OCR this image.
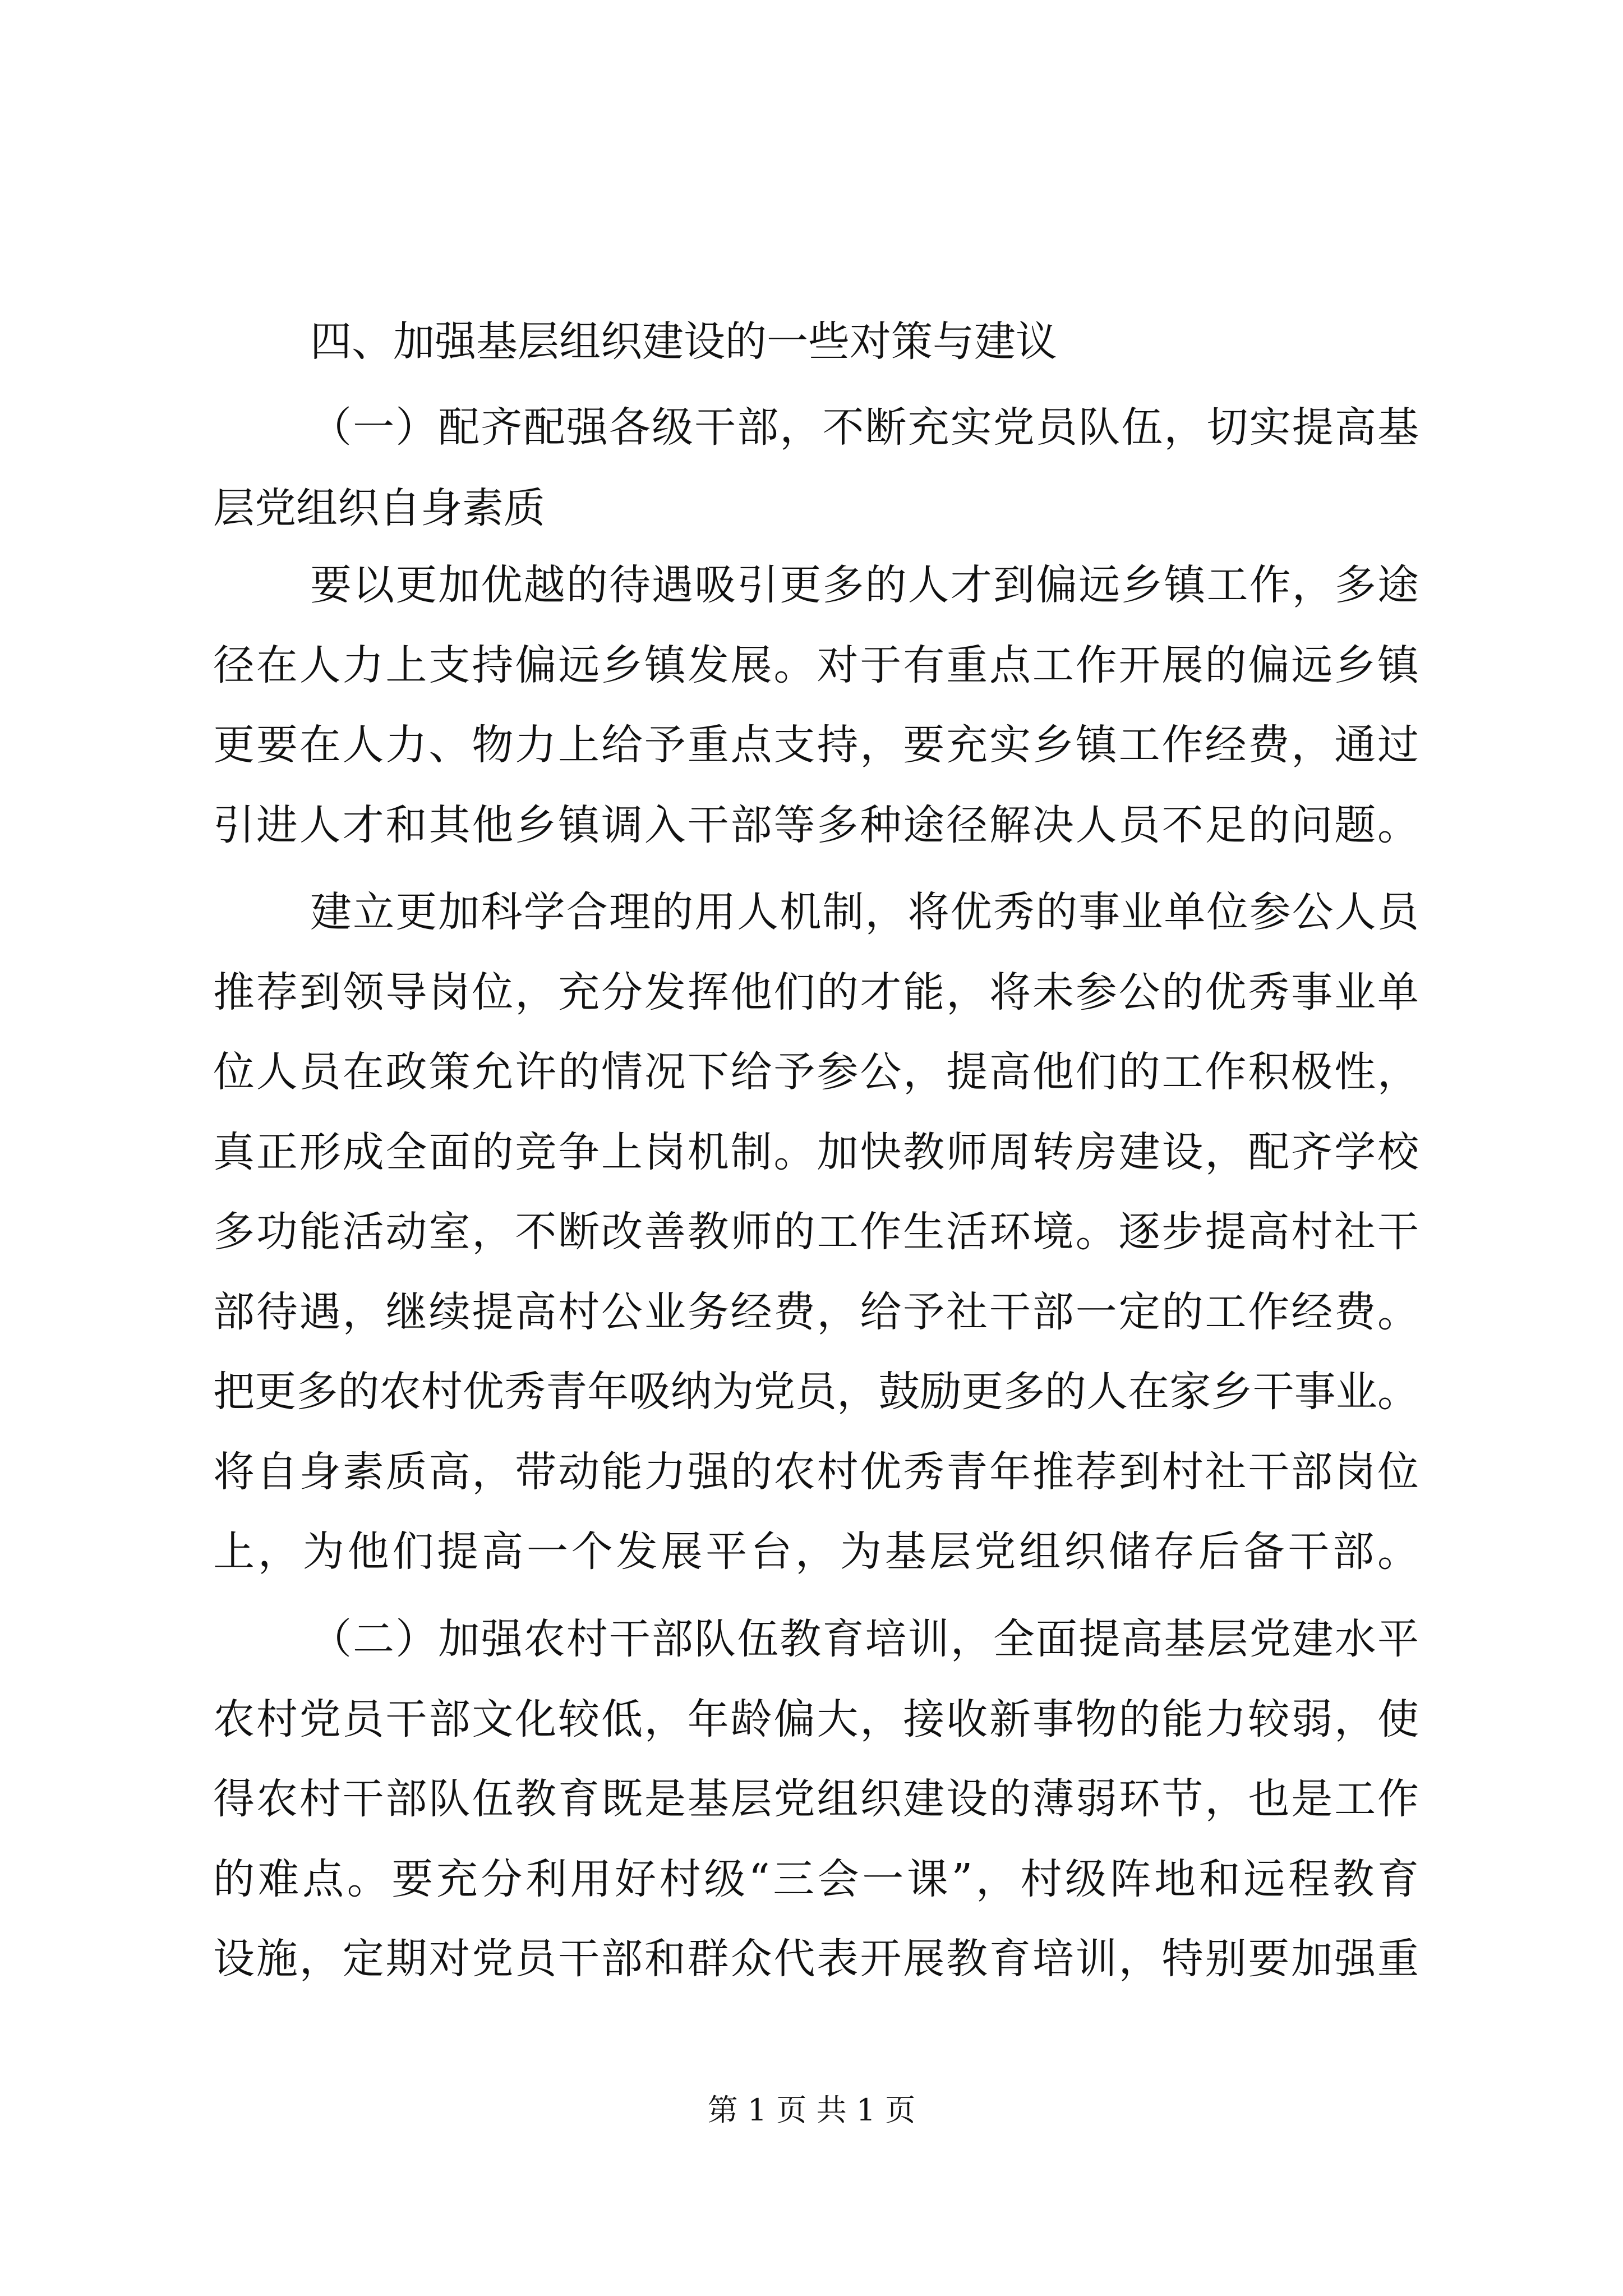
四、加强基层组织建设的一些对策与建议

（一）配齐配强各级干部，不断充实党员队伍，切实提高基

层党组织自身素质

要以更加优越的待遇吸引更多的人才到偏远乡镇工作，多途

径在人力上支持偏远乡镇发展。对于有重点工作开展的偏远乡镇

更要在人力、物力上给予重点支持，要充实乡镇工作经费，通过

引进人才和其他乡镇调入干部等多种途径解决人员不足的问题。

建立更加科学合理的用人机制，将优秀的事业单位参公人员

推荐到领导岗位，充分发挥他们的才能，将未参公的优秀事业单

位人员在政策允许的情况下给予参公，提高他们的工作积极性，

真正形成全面的竞争上岗机制。加快教师周转房建设，配齐学校

多功能活动室，不断改善教师的工作生活环境。逐步提高村社干

部待遇，继续提高村公业务经费，给予社干部一定的工作经费。

把更多的农村优秀青年吸纳为党员，鼓励更多的人在家乡干事业。

将自身素质高，带动能力强的农村优秀青年推荐到村社干部岗位

上，为他们提高一个发展平台，为基层党组织储存后备干部。

（二）加强农村干部队伍教育培训，全面提高基层党建水平

农村党员干部文化较低，年龄偏大，接收新事物的能力较弱，使

得农村干部队伍教育既是基层党组织建设的薄弱环节，也是工作

的难点。要充分利用好村级“三会一课”，村级阵地和远程教育

设施，定期对党员干部和群众代表开展教育培训，特别要加强重

第 1 页 共 1 页
